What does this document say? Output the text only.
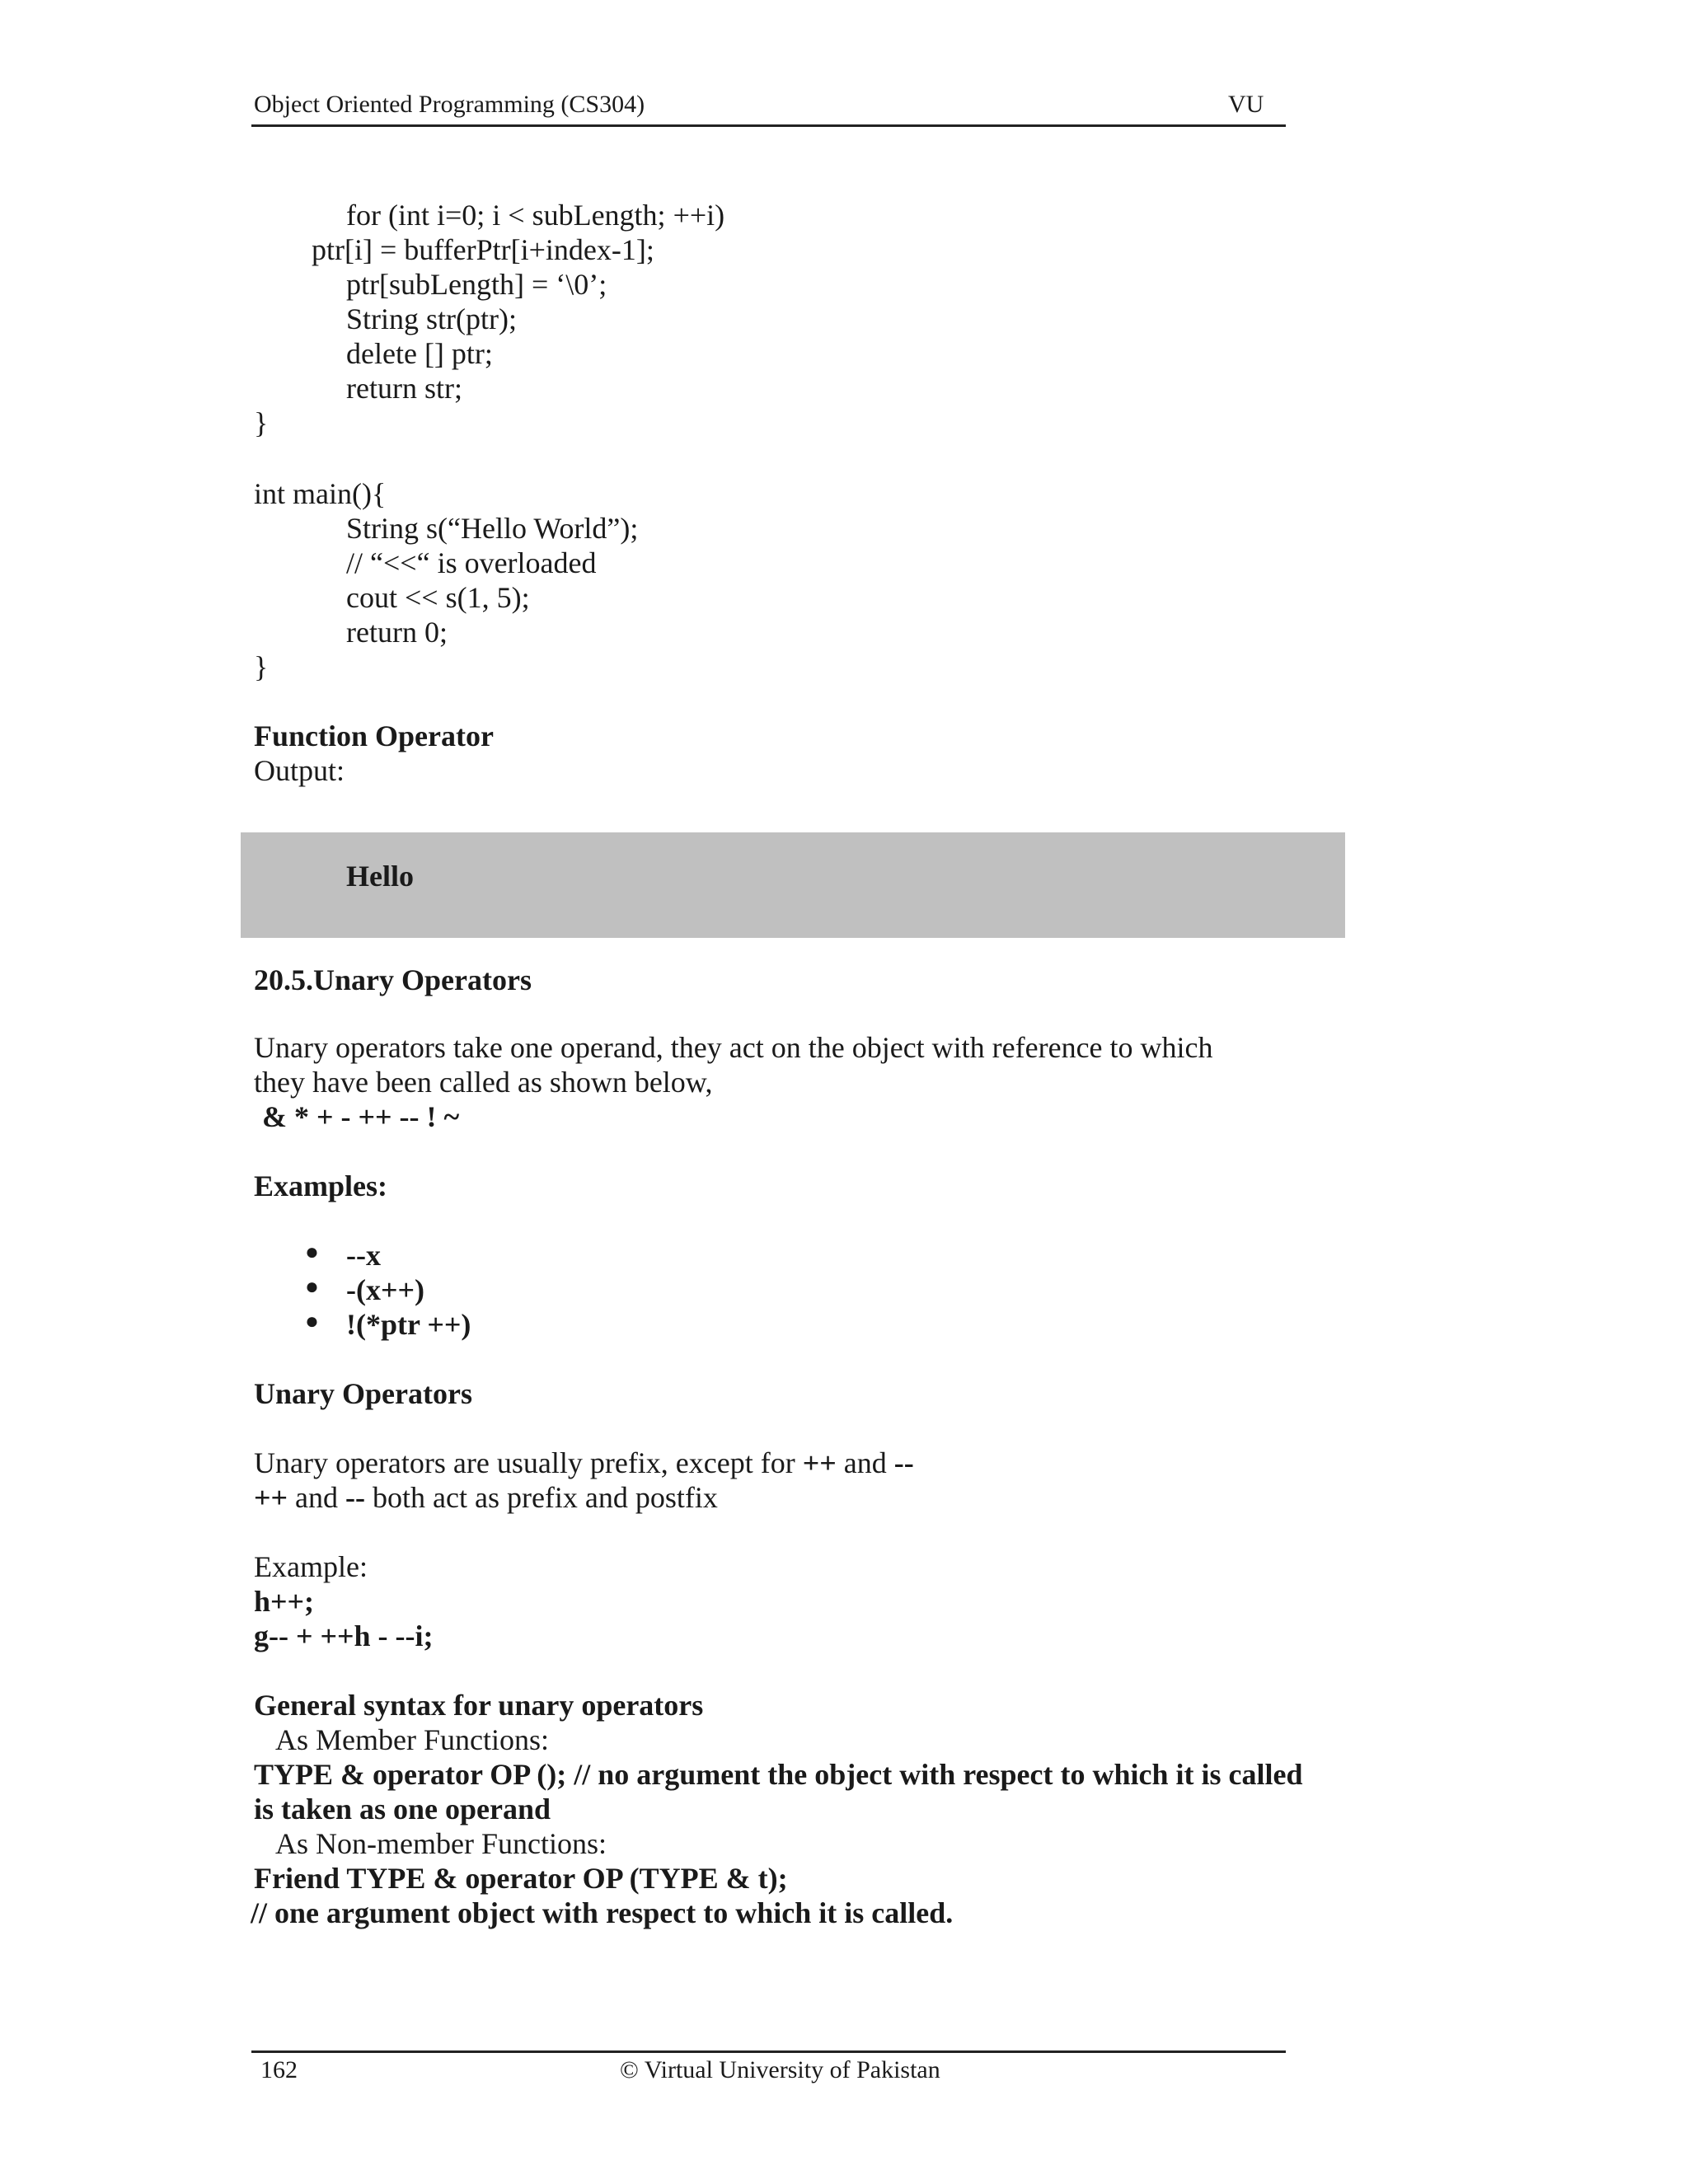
Object Oriented Programming (CS304)	VU
for (int i=0; i < subLength; ++i)
ptr[i] = bufferPtr[i+index-1];
ptr[subLength] = ‘\0’;
String str(ptr);
delete [] ptr;
return str;
}
int main(){
String s(“Hello World”);
// “<<“ is overloaded
cout << s(1, 5);
return 0;
}
Function Operator
Output:
Hello
20.5.Unary Operators
Unary operators take one operand, they act on the object with reference to which
they have been called as shown below,
& * + - ++ -- ! ~
Examples:
● --x
● -(x++)
● !(*ptr ++)
Unary Operators
Unary operators are usually prefix, except for ++ and --
++ and -- both act as prefix and postfix
Example:
h++;
g-- + ++h - --i;
General syntax for unary operators
As Member Functions:
TYPE & operator OP (); // no argument the object with respect to which it is called
is taken as one operand
As Non-member Functions:
Friend TYPE & operator OP (TYPE & t);
// one argument object with respect to which it is called.
162	© Virtual University of Pakistan
